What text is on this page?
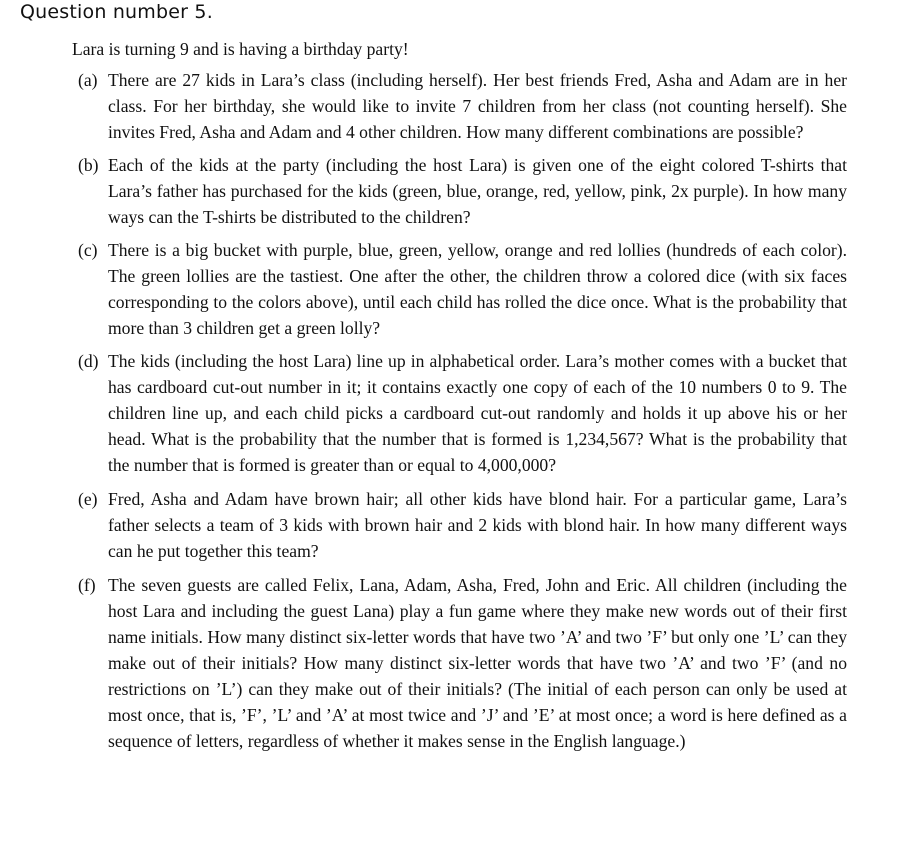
Question number 5.
Lara is turning 9 and is having a birthday party!
(a) There are 27 kids in Lara’s class (including herself). Her best friends Fred, Asha and Adam are in her class. For her birthday, she would like to invite 7 children from her class (not counting herself). She invites Fred, Asha and Adam and 4 other children. How many different combinations are possible?
(b) Each of the kids at the party (including the host Lara) is given one of the eight colored T-shirts that Lara’s father has purchased for the kids (green, blue, orange, red, yellow, pink, 2x purple). In how many ways can the T-shirts be distributed to the children?
(c) There is a big bucket with purple, blue, green, yellow, orange and red lollies (hundreds of each color). The green lollies are the tastiest. One after the other, the children throw a colored dice (with six faces corresponding to the colors above), until each child has rolled the dice once. What is the probability that more than 3 children get a green lolly?
(d) The kids (including the host Lara) line up in alphabetical order. Lara’s mother comes with a bucket that has cardboard cut-out number in it; it contains exactly one copy of each of the 10 numbers 0 to 9. The children line up, and each child picks a cardboard cut-out randomly and holds it up above his or her head. What is the probability that the number that is formed is 1,234,567? What is the probability that the number that is formed is greater than or equal to 4,000,000?
(e) Fred, Asha and Adam have brown hair; all other kids have blond hair. For a particular game, Lara’s father selects a team of 3 kids with brown hair and 2 kids with blond hair. In how many different ways can he put together this team?
(f) The seven guests are called Felix, Lana, Adam, Asha, Fred, John and Eric. All children (including the host Lara and including the guest Lana) play a fun game where they make new words out of their first name initials. How many distinct six-letter words that have two ’A’ and two ’F’ but only one ’L’ can they make out of their initials? How many distinct six-letter words that have two ’A’ and two ’F’ (and no restrictions on ’L’) can they make out of their initials? (The initial of each person can only be used at most once, that is, ’F’, ’L’ and ’A’ at most twice and ’J’ and ’E’ at most once; a word is here defined as a sequence of letters, regardless of whether it makes sense in the English language.)
